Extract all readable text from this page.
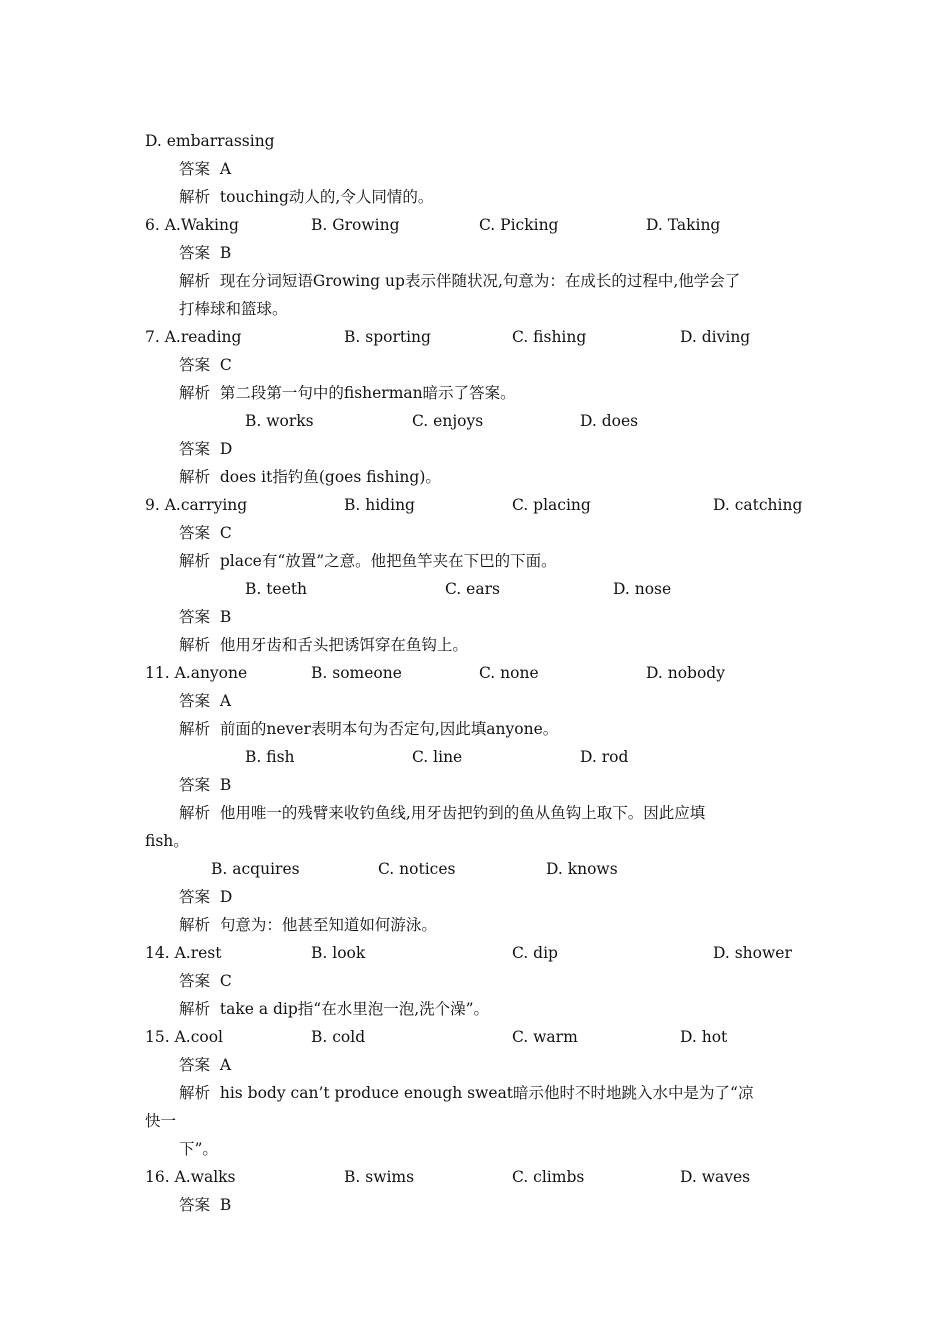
D. embarrassing
答案  A
解析  touching动人的,令人同情的。
6. A.Waking	B. Growing	C. Picking	D. Taking
答案  B
解析  现在分词短语Growing up表示伴随状况,句意为：在成长的过程中,他学会了
打棒球和篮球。
7. A.reading	B. sporting	C. fishing	D. diving
答案  C
解析  第二段第一句中的fisherman暗示了答案。
B. works	C. enjoys	D. does
答案  D
解析  does it指钓鱼(goes fishing)。
9. A.carrying	B. hiding	C. placing	D. catching
答案  C
解析  place有“放置”之意。他把鱼竿夹在下巴的下面。
B. teeth	C. ears	D. nose
答案  B
解析  他用牙齿和舌头把诱饵穿在鱼钩上。
11. A.anyone	B. someone	C. none	D. nobody
答案  A
解析  前面的never表明本句为否定句,因此填anyone。
B. fish	C. line	D. rod
答案  B
解析  他用唯一的残臂来收钓鱼线,用牙齿把钓到的鱼从鱼钩上取下。因此应填
fish。
B. acquires	C. notices	D. knows
答案  D
解析  句意为：他甚至知道如何游泳。
14. A.rest	B. look	C. dip	D. shower
答案  C
解析  take a dip指“在水里泡一泡,洗个澡”。
15. A.cool	B. cold	C. warm	D. hot
答案  A
解析  his body can’t produce enough sweat暗示他时不时地跳入水中是为了“凉
快一
下”。
16. A.walks	B. swims	C. climbs	D. waves
答案  B
